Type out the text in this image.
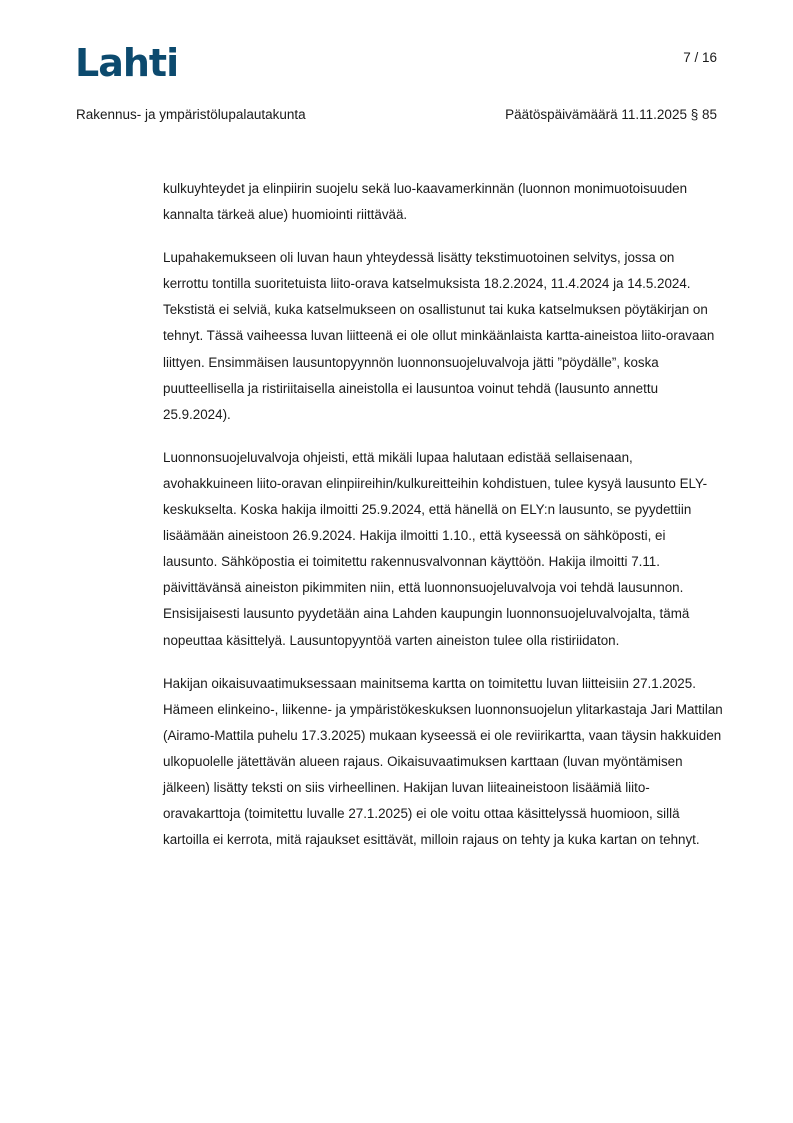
Lahti	7 / 16
Rakennus- ja ympäristölupalautakunta	Päätöspäivämäärä 11.11.2025 § 85

kulkuyhteydet ja elinpiirin suojelu sekä luo-kaavamerkinnän (luonnon monimuotoisuuden kannalta tärkeä alue) huomiointi riittävää.

Lupahakemukseen oli luvan haun yhteydessä lisätty tekstimuotoinen selvitys, jossa on kerrottu tontilla suoritetuista liito-orava katselmuksista 18.2.2024, 11.4.2024 ja 14.5.2024. Tekstistä ei selviä, kuka katselmukseen on osallistunut tai kuka katselmuksen pöytäkirjan on tehnyt. Tässä vaiheessa luvan liitteenä ei ole ollut minkäänlaista kartta-aineistoa liito-oravaan liittyen. Ensimmäisen lausuntopyynnön luonnonsuojeluvalvoja jätti ”pöydälle”, koska puutteellisella ja ristiriitaisella aineistolla ei lausuntoa voinut tehdä (lausunto annettu 25.9.2024).

Luonnonsuojeluvalvoja ohjeisti, että mikäli lupaa halutaan edistää sellaisenaan, avohakkuineen liito-oravan elinpiireihin/kulkureitteihin kohdistuen, tulee kysyä lausunto ELY-keskukselta. Koska hakija ilmoitti 25.9.2024, että hänellä on ELY:n lausunto, se pyydettiin lisäämään aineistoon 26.9.2024. Hakija ilmoitti 1.10., että kyseessä on sähköposti, ei lausunto. Sähköpostia ei toimitettu rakennusvalvonnan käyttöön. Hakija ilmoitti 7.11. päivittävänsä aineiston pikimmiten niin, että luonnonsuojeluvalvoja voi tehdä lausunnon. Ensisijaisesti lausunto pyydetään aina Lahden kaupungin luonnonsuojeluvalvojalta, tämä nopeuttaa käsittelyä. Lausuntopyyntöä varten aineiston tulee olla ristiriidaton.

Hakijan oikaisuvaatimuksessaan mainitsema kartta on toimitettu luvan liitteisiin 27.1.2025. Hämeen elinkeino-, liikenne- ja ympäristökeskuksen luonnonsuojelun ylitarkastaja Jari Mattilan (Airamo-Mattila puhelu 17.3.2025) mukaan kyseessä ei ole reviirikartta, vaan täysin hakkuiden ulkopuolelle jätettävän alueen rajaus. Oikaisuvaatimuksen karttaan (luvan myöntämisen jälkeen) lisätty teksti on siis virheellinen. Hakijan luvan liiteaineistoon lisäämiä liito-oravakarttoja (toimitettu luvalle 27.1.2025) ei ole voitu ottaa käsittelyssä huomioon, sillä kartoilla ei kerrota, mitä rajaukset esittävät, milloin rajaus on tehty ja kuka kartan on tehnyt.
